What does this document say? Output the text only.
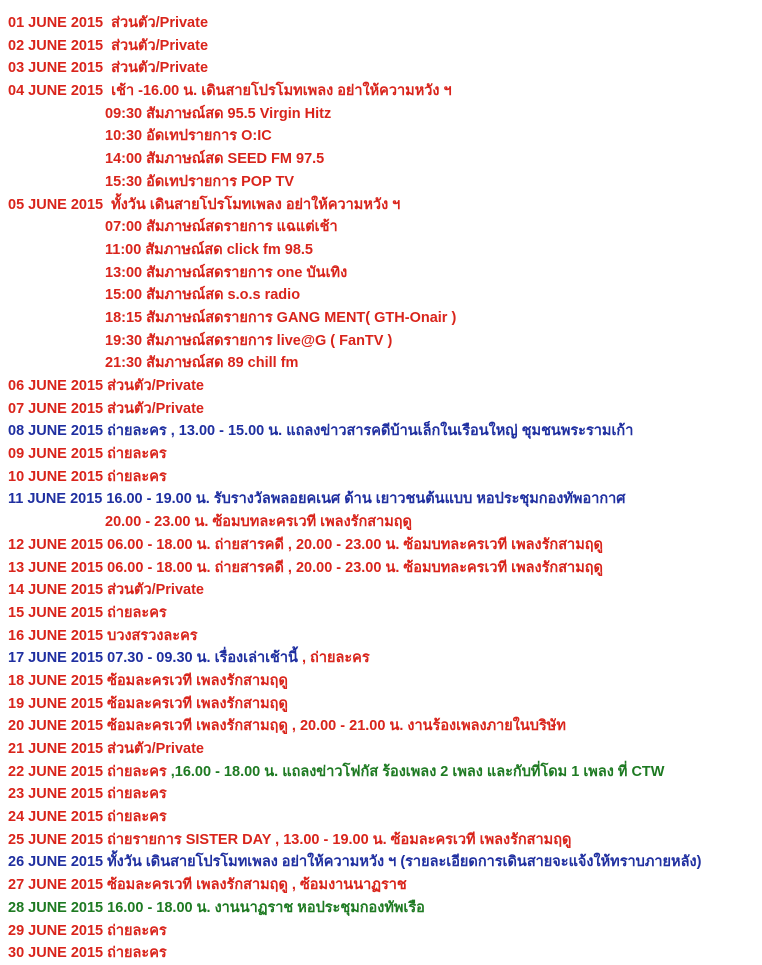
01 JUNE 2015 ส่วนตัว/Private
02 JUNE 2015 ส่วนตัว/Private
03 JUNE 2015 ส่วนตัว/Private
04 JUNE 2015 เช้า -16.00 น. เดินสายโปรโมทเพลง อย่าให้ความหวัง ฯ
09:30 สัมภาษณ์สด 95.5 Virgin Hitz
10:30 อัดเทปรายการ O:IC
14:00 สัมภาษณ์สด SEED FM 97.5
15:30 อัดเทปรายการ POP TV
05 JUNE 2015 ทั้งวัน เดินสายโปรโมทเพลง อย่าให้ความหวัง ฯ
07:00 สัมภาษณ์สดรายการ แฉแต่เช้า
11:00 สัมภาษณ์สด click fm 98.5
13:00 สัมภาษณ์สดรายการ one บันเทิง
15:00 สัมภาษณ์สด s.o.s radio
18:15 สัมภาษณ์สดรายการ GANG MENT( GTH-Onair )
19:30 สัมภาษณ์สดรายการ live@G ( FanTV )
21:30 สัมภาษณ์สด 89 chill fm
06 JUNE 2015 ส่วนตัว/Private
07 JUNE 2015 ส่วนตัว/Private
08 JUNE 2015 ถ่ายละคร , 13.00 - 15.00 น. แถลงข่าวสารคดีบ้านเล็กในเรือนใหญ่ ชุมชนพระรามเก้า
09 JUNE 2015 ถ่ายละคร
10 JUNE 2015 ถ่ายละคร
11 JUNE 2015 16.00 - 19.00 น. รับรางวัลพลอยคเนศ ด้าน เยาวชนต้นแบบ หอประชุมกองทัพอากาศ
20.00 - 23.00 น. ซ้อมบทละครเวที เพลงรักสามฤดู
12 JUNE 2015 06.00 - 18.00 น. ถ่ายสารคดี , 20.00 - 23.00 น. ซ้อมบทละครเวที เพลงรักสามฤดู
13 JUNE 2015 06.00 - 18.00 น. ถ่ายสารคดี , 20.00 - 23.00 น. ซ้อมบทละครเวที เพลงรักสามฤดู
14 JUNE 2015 ส่วนตัว/Private
15 JUNE 2015 ถ่ายละคร
16 JUNE 2015 บวงสรวงละคร
17 JUNE 2015 07.30 - 09.30 น. เรื่องเล่าเช้านี้ , ถ่ายละคร
18 JUNE 2015 ซ้อมละครเวที เพลงรักสามฤดู
19 JUNE 2015 ซ้อมละครเวที เพลงรักสามฤดู
20 JUNE 2015 ซ้อมละครเวที เพลงรักสามฤดู , 20.00 - 21.00 น. งานร้องเพลงภายในบริษัท
21 JUNE 2015 ส่วนตัว/Private
22 JUNE 2015 ถ่ายละคร ,16.00 - 18.00 น. แถลงข่าวโฟกัส ร้องเพลง 2 เพลง และกับที่โดม 1 เพลง ที่ CTW
23 JUNE 2015 ถ่ายละคร
24 JUNE 2015 ถ่ายละคร
25 JUNE 2015 ถ่ายรายการ SISTER DAY , 13.00 - 19.00 น. ซ้อมละครเวที เพลงรักสามฤดู
26 JUNE 2015 ทั้งวัน เดินสายโปรโมทเพลง อย่าให้ความหวัง ฯ (รายละเอียดการเดินสายจะแจ้งให้ทราบภายหลัง)
27 JUNE 2015 ซ้อมละครเวที เพลงรักสามฤดู , ซ้อมงานนาฏราช
28 JUNE 2015 16.00 - 18.00 น. งานนาฏราช หอประชุมกองทัพเรือ
29 JUNE 2015 ถ่ายละคร
30 JUNE 2015 ถ่ายละคร
